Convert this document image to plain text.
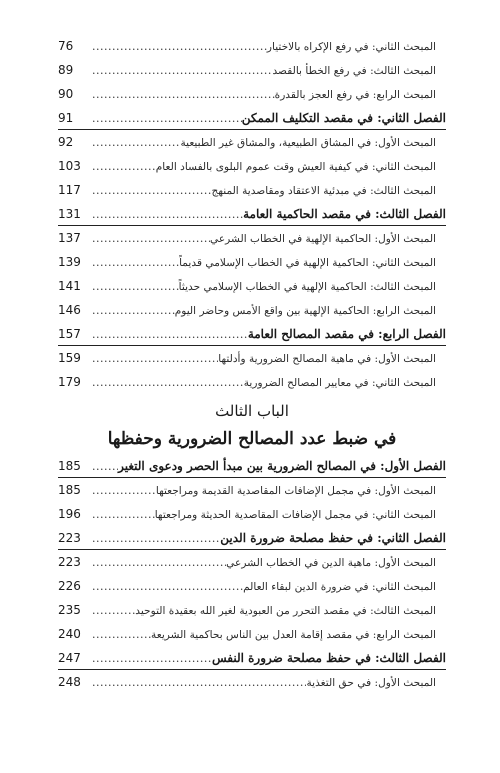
المبحث الثاني: في رفع الإكراه بالاختيار
.....
76
المبحث الثالث: في رفع الخطأ بالقصد
.....
89
المبحث الرابع: في رفع العجز بالقدرة
.....
90
الفصل الثاني: في مقصد التكليف الممكن
.....
91
المبحث الأول: في المشاق الطبيعية، والمشاق غير الطبيعية
.....
92
المبحث الثاني: في كيفية العيش وقت عموم البلوى بالفساد العام
.....
103
المبحث الثالث: في مبدئية الاعتقاد ومقاصدية المنهج
.....
117
الفصل الثالث: في مقصد الحاكمية العامة
.....
131
المبحث الأول: الحاكمية الإلهية في الخطاب الشرعي
.....
137
المبحث الثاني: الحاكمية الإلهية في الخطاب الإسلامي قديماً
.....
139
المبحث الثالث: الحاكمية الإلهية في الخطاب الإسلامي حديثاً
.....
141
المبحث الرابع: الحاكمية الإلهية بين واقع الأمس وحاضر اليوم
.....
146
الفصل الرابع: في مقصد المصالح العامة
.....
157
المبحث الأول: في ماهية المصالح الضرورية وأدلتها
.....
159
المبحث الثاني: في معايير المصالح الضرورية
.....
179
الباب الثالث
في ضبط عدد المصالح الضرورية وحفظها
الفصل الأول: في المصالح الضرورية بين مبدأ الحصر ودعوى التغير
.....
185
المبحث الأول: في مجمل الإضافات المقاصدية القديمة ومراجعتها
.....
185
المبحث الثاني: في مجمل الإضافات المقاصدية الحديثة ومراجعتها
.....
196
الفصل الثاني: في حفظ مصلحة ضرورة الدين
.....
223
المبحث الأول: ماهية الدين في الخطاب الشرعي
.....
223
المبحث الثاني: في ضرورة الدين لبقاء العالم
.....
226
المبحث الثالث: في مقصد التحرر من العبودية لغير الله بعقيدة التوحيد
.....
235
المبحث الرابع: في مقصد إقامة العدل بين الناس بحاكمية الشريعة
.....
240
الفصل الثالث: في حفظ مصلحة ضرورة النفس
.....
247
المبحث الأول: في حق التغذية
.....
248
